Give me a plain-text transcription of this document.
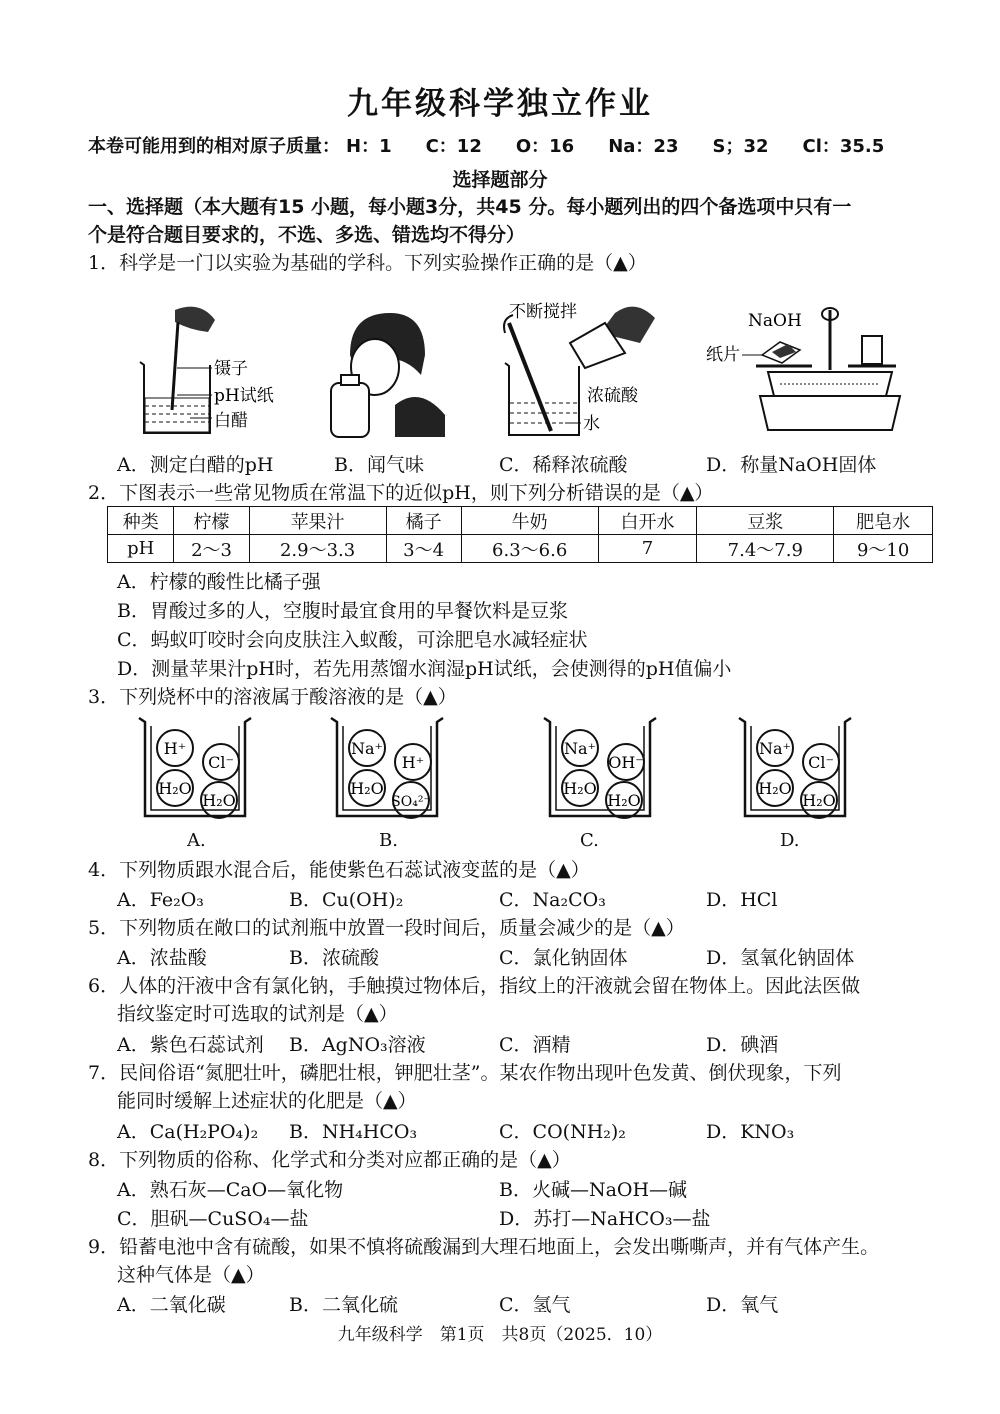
九年级科学独立作业
本卷可能用到的相对原子质量： H：1 C：12 O：16 Na：23 S；32 Cl：35.5
选择题部分
一、选择题（本大题有15 小题，每小题3分，共45 分。每小题列出的四个备选项中只有一
个是符合题目要求的，不选、多选、错选均不得分）
1．科学是一门以实验为基础的学科。下列实验操作正确的是（▲）
镊子
pH试纸
白醋
不断搅拌
浓硫酸
水
NaOH
纸片
A．测定白醋的pH	B．闻气味	C．稀释浓硫酸	D．称量NaOH固体
2．下图表示一些常见物质在常温下的近似pH，则下列分析错误的是（▲）
种类	柠檬	苹果汁	橘子	牛奶	白开水	豆浆	肥皂水
pH	2～3	2.9～3.3	3～4	6.3～6.6	7	7.4～7.9	9～10
A．柠檬的酸性比橘子强
B．胃酸过多的人，空腹时最宜食用的早餐饮料是豆浆
C．蚂蚁叮咬时会向皮肤注入蚁酸，可涂肥皂水减轻症状
D．测量苹果汁pH时，若先用蒸馏水润湿pH试纸，会使测得的pH值偏小
3．下列烧杯中的溶液属于酸溶液的是（▲）
H⁺
Cl⁻
H₂O
H₂O
A.
Na⁺
H⁺
H₂O
SO₄²⁻
B.
Na⁺
OH⁻
H₂O
H₂O
C.
Na⁺
Cl⁻
H₂O
H₂O
D.
4．下列物质跟水混合后，能使紫色石蕊试液变蓝的是（▲）
A．Fe₂O₃	B．Cu(OH)₂	C．Na₂CO₃	D．HCl
5．下列物质在敞口的试剂瓶中放置一段时间后，质量会减少的是（▲）
A．浓盐酸	B．浓硫酸	C．氯化钠固体	D．氢氧化钠固体
6．人体的汗液中含有氯化钠，手触摸过物体后，指纹上的汗液就会留在物体上。因此法医做
指纹鉴定时可选取的试剂是（▲）
A．紫色石蕊试剂 B．AgNO₃溶液	C．酒精	D．碘酒
7．民间俗语“氮肥壮叶，磷肥壮根，钾肥壮茎”。某农作物出现叶色发黄、倒伏现象，下列
能同时缓解上述症状的化肥是（▲）
A．Ca(H₂PO₄)₂ B．NH₄HCO₃	C．CO(NH₂)₂	D．KNO₃
8．下列物质的俗称、化学式和分类对应都正确的是（▲）
A．熟石灰—CaO—氧化物	B．火碱—NaOH—碱
C．胆矾—CuSO₄—盐	D．苏打—NaHCO₃—盐
9．铅蓄电池中含有硫酸，如果不慎将硫酸漏到大理石地面上，会发出嘶嘶声，并有气体产生。
这种气体是（▲）
A．二氧化碳	B．二氧化硫	C．氢气	D．氧气
九年级科学　第1页　共8页（2025．10）
